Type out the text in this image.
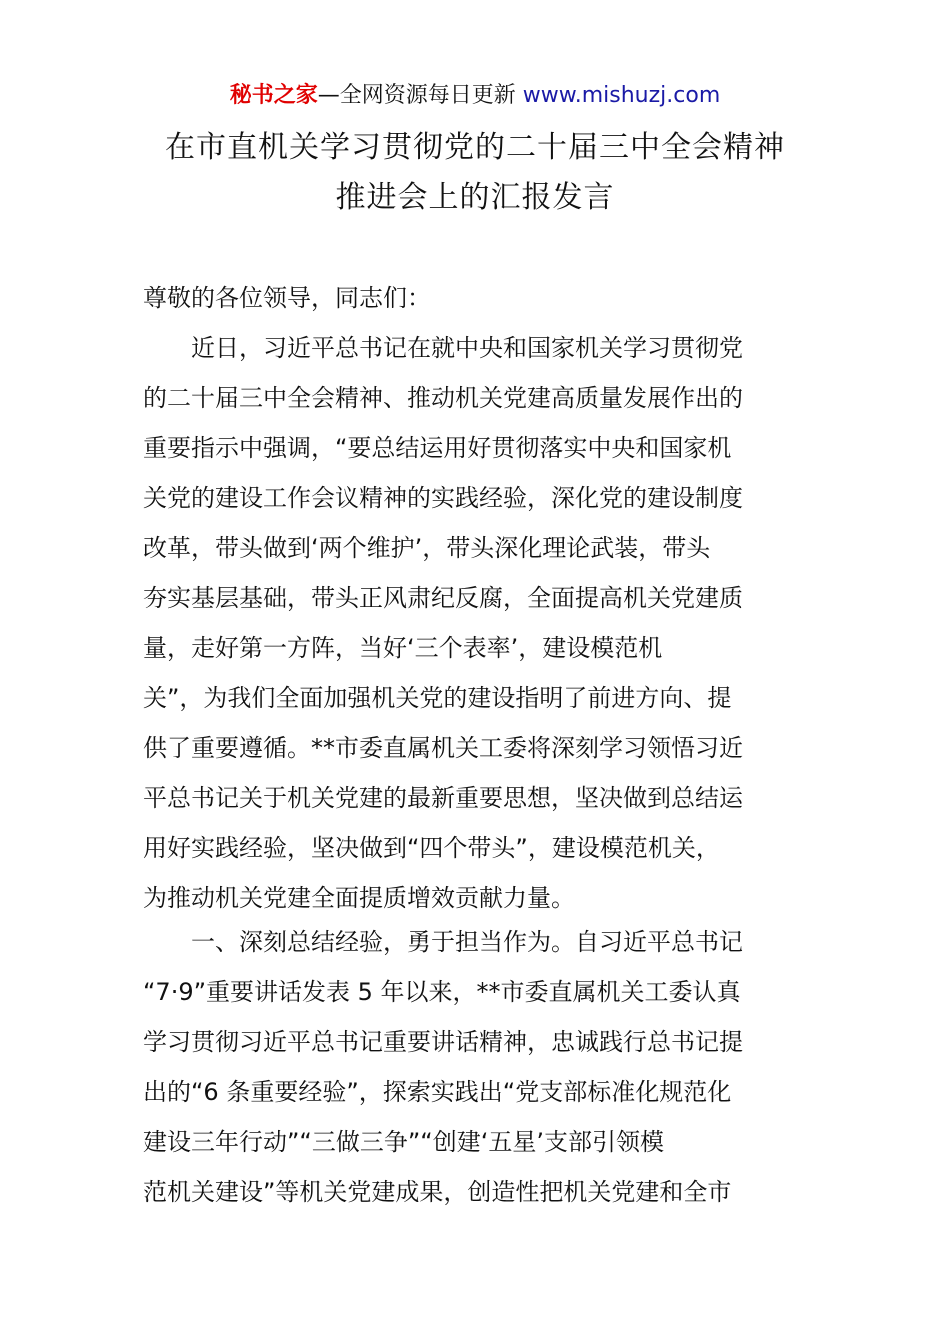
秘书之家—全网资源每日更新 www.mishuzj.com
在市直机关学习贯彻党的二十届三中全会精神
推进会上的汇报发言
尊敬的各位领导，同志们：
近日，习近平总书记在就中央和国家机关学习贯彻党
的二十届三中全会精神、推动机关党建高质量发展作出的
重要指示中强调，“要总结运用好贯彻落实中央和国家机
关党的建设工作会议精神的实践经验，深化党的建设制度
改革，带头做到‘两个维护’，带头深化理论武装，带头
夯实基层基础，带头正风肃纪反腐，全面提高机关党建质
量，走好第一方阵，当好‘三个表率’，建设模范机
关”，为我们全面加强机关党的建设指明了前进方向、提
供了重要遵循。**市委直属机关工委将深刻学习领悟习近
平总书记关于机关党建的最新重要思想，坚决做到总结运
用好实践经验，坚决做到“四个带头”，建设模范机关，
为推动机关党建全面提质增效贡献力量。
一、深刻总结经验，勇于担当作为。自习近平总书记
“7·9”重要讲话发表 5 年以来，**市委直属机关工委认真
学习贯彻习近平总书记重要讲话精神，忠诚践行总书记提
出的“6 条重要经验”，探索实践出“党支部标准化规范化
建设三年行动”“三做三争”“创建‘五星’支部引领模
范机关建设”等机关党建成果，创造性把机关党建和全市
